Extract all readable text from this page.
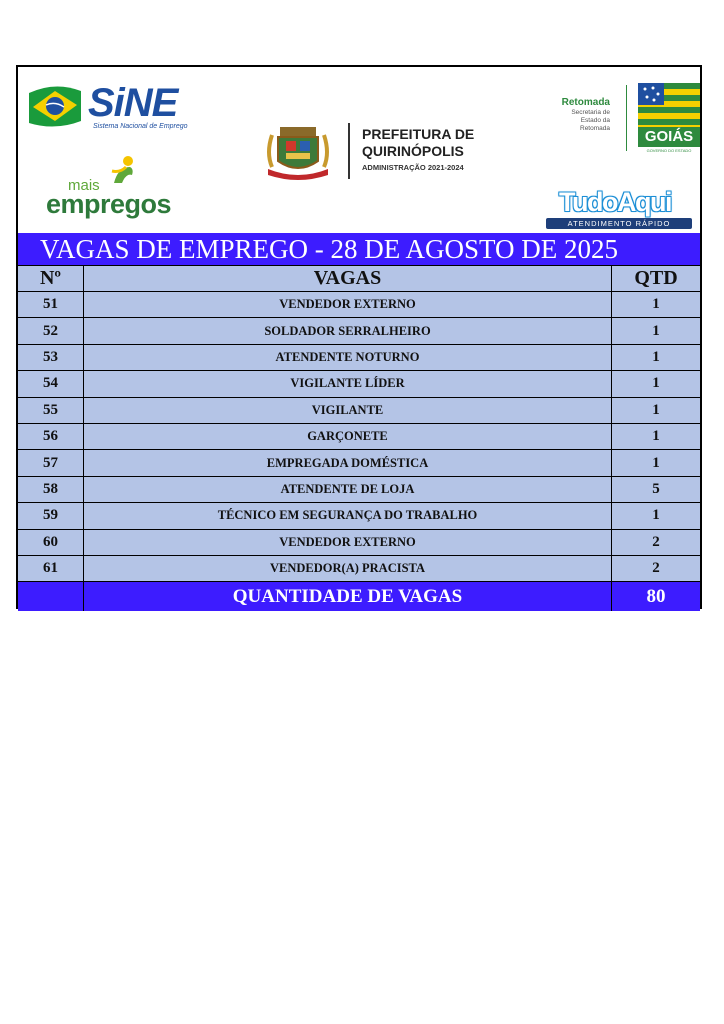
SiNE
Sistema Nacional de Emprego
mais
empregos
PREFEITURA DE
QUIRINÓPOLIS
ADMINISTRAÇÃO 2021-2024
Retomada
Secretaria de Estado da Retomada	GOIÁS
GOVERNO DO ESTADO
TudoAqui
ATENDIMENTO RÁPIDO
VAGAS DE EMPREGO - 28 DE AGOSTO DE 2025
Nº	VAGAS	QTD
51	VENDEDOR EXTERNO	1
52	SOLDADOR SERRALHEIRO	1
53	ATENDENTE NOTURNO	1
54	VIGILANTE LÍDER	1
55	VIGILANTE	1
56	GARÇONETE	1
57	EMPREGADA DOMÉSTICA	1
58	ATENDENTE DE LOJA	5
59	TÉCNICO EM SEGURANÇA DO TRABALHO	1
60	VENDEDOR EXTERNO	2
61	VENDEDOR(A) PRACISTA	2
QUANTIDADE DE VAGAS	80
